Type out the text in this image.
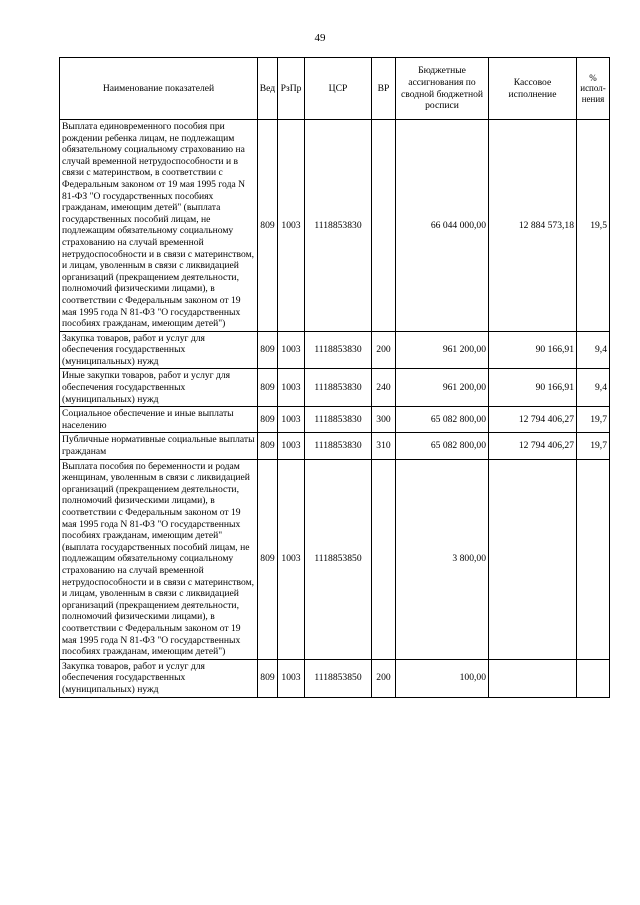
49
Наименование показателей	Вед	РзПр	ЦСР	ВР	Бюджетные ассигнования по сводной бюджетной росписи	Кассовое исполнение	% испол-нения
Выплата единовременного пособия при рождении ребенка лицам, не подлежащим обязательному социальному страхованию на случай временной нетрудоспособности и в связи с материнством, в соответствии с Федеральным законом от 19 мая 1995 года N 81-ФЗ "О государственных пособиях гражданам, имеющим детей" (выплата государственных пособий лицам, не подлежащим обязательному социальному страхованию на случай временной нетрудоспособности и в связи с материнством, и лицам, уволенным в связи с ликвидацией организаций (прекращением деятельности, полномочий физическими лицами), в соответствии с Федеральным законом от 19 мая 1995 года N 81-ФЗ "О государственных пособиях гражданам, имеющим детей")	809	1003	1118853830		66 044 000,00	12 884 573,18	19,5
Закупка товаров, работ и услуг для обеспечения государственных (муниципальных) нужд	809	1003	1118853830	200	961 200,00	90 166,91	9,4
Иные закупки товаров, работ и услуг для обеспечения государственных (муниципальных) нужд	809	1003	1118853830	240	961 200,00	90 166,91	9,4
Социальное обеспечение и иные выплаты населению	809	1003	1118853830	300	65 082 800,00	12 794 406,27	19,7
Публичные нормативные социальные выплаты гражданам	809	1003	1118853830	310	65 082 800,00	12 794 406,27	19,7
Выплата пособия по беременности и родам женщинам, уволенным в связи с ликвидацией организаций (прекращением деятельности, полномочий физическими лицами), в соответствии с Федеральным законом от 19 мая 1995 года N 81-ФЗ "О государственных пособиях гражданам, имеющим детей" (выплата государственных пособий лицам, не подлежащим обязательному социальному страхованию на случай временной нетрудоспособности и в связи с материнством, и лицам, уволенным в связи с ликвидацией организаций (прекращением деятельности, полномочий физическими лицами), в соответствии с Федеральным законом от 19 мая 1995 года N 81-ФЗ "О государственных пособиях гражданам, имеющим детей")	809	1003	1118853850		3 800,00		
Закупка товаров, работ и услуг для обеспечения государственных (муниципальных) нужд	809	1003	1118853850	200	100,00		
